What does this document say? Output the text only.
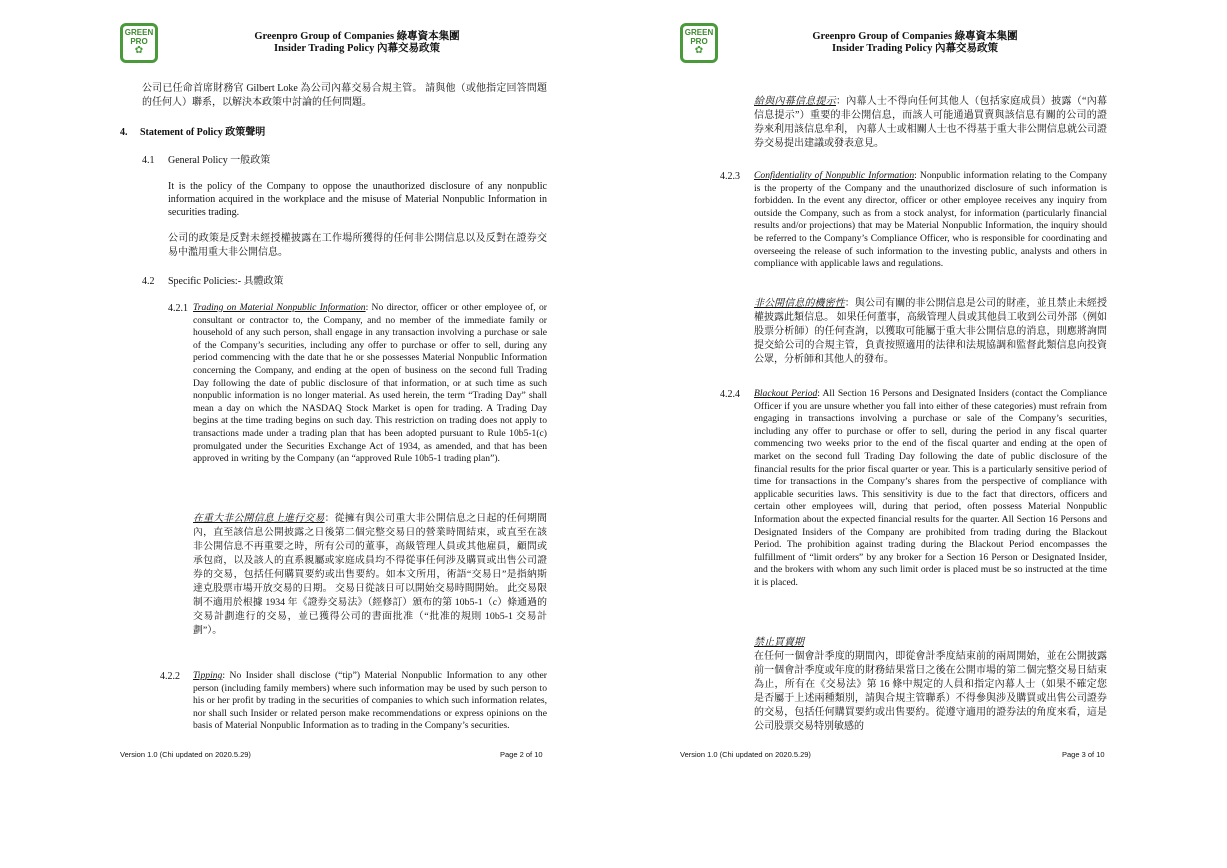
GREEN
PRO
✿
Greenpro Group of Companies 綠專資本集團
Insider Trading Policy 內幕交易政策
公司已任命首席財務官 Gilbert Loke 為公司內幕交易合規主管。 請與他（或他指定回答問題的任何人）聯系，以解決本政策中討論的任何問題。
4. Statement of Policy 政策聲明
4.1 General Policy 一般政策
It is the policy of the Company to oppose the unauthorized disclosure of any nonpublic information acquired in the workplace and the misuse of Material Nonpublic Information in securities trading.
公司的政策是反對未經授權披露在工作場所獲得的任何非公開信息以及反對在證券交易中濫用重大非公開信息。
4.2 Specific Policies:- 具體政策
4.2.1 Trading on Material Nonpublic Information: No director, officer or other employee of, or consultant or contractor to, the Company, and no member of the immediate family or household of any such person, shall engage in any transaction involving a purchase or sale of the Company’s securities, including any offer to purchase or offer to sell, during any period commencing with the date that he or she possesses Material Nonpublic Information concerning the Company, and ending at the open of business on the second full Trading Day following the date of public disclosure of that information, or at such time as such nonpublic information is no longer material. As used herein, the term “Trading Day” shall mean a day on which the NASDAQ Stock Market is open for trading. A Trading Day begins at the time trading begins on such day. This restriction on trading does not apply to transactions made under a trading plan that has been adopted pursuant to Rule 10b5-1(c) promulgated under the Securities Exchange Act of 1934, as amended, and that has been approved in writing by the Company (an “approved Rule 10b5-1 trading plan”).
在重大非公開信息上進行交易：從擁有與公司重大非公開信息之日起的任何期間內，直至該信息公開披露之日後第二個完整交易日的營業時間結束，或直至在該非公開信息不再重要之時，所有公司的董事，高級管理人員或其他雇員，顧問或承包商，以及該人的直系親屬或家庭成員均不得從事任何涉及購買或出售公司證券的交易，包括任何購買要約或出售要約。如本文所用，術語“交易日”是指納斯達克股票市場开放交易的日期。 交易日從該日可以開始交易時間開始。 此交易限制不適用於根據 1934 年《證券交易法》（經修訂）頒布的第 10b5-1（c）條通過的交易計劃進行的交易，並已獲得公司的書面批准（“批准的規則 10b5-1 交易計劃”）。
4.2.2 Tipping: No Insider shall disclose (“tip”) Material Nonpublic Information to any other person (including family members) where such information may be used by such person to his or her profit by trading in the securities of companies to which such information relates, nor shall such Insider or related person make recommendations or express opinions on the basis of Material Nonpublic Information as to trading in the Company’s securities.
Version 1.0 (Chi updated on 2020.5.29)	Page 2 of 10
GREEN
PRO
✿
Greenpro Group of Companies 綠專資本集團
Insider Trading Policy 內幕交易政策
給與內幕信息提示：內幕人士不得向任何其他人（包括家庭成員）披露（“內幕信息提示”）重要的非公開信息，而該人可能通過買賣與該信息有關的公司的證券來利用該信息牟利， 內幕人士或相關人士也不得基于重大非公開信息就公司證券交易提出建議或發表意見。
4.2.3 Confidentiality of Nonpublic Information: Nonpublic information relating to the Company is the property of the Company and the unauthorized disclosure of such information is forbidden. In the event any director, officer or other employee receives any inquiry from outside the Company, such as from a stock analyst, for information (particularly financial results and/or projections) that may be Material Nonpublic Information, the inquiry should be referred to the Company’s Compliance Officer, who is responsible for coordinating and overseeing the release of such information to the investing public, analysts and others in compliance with applicable laws and regulations.
非公開信息的機密性：與公司有關的非公開信息是公司的財產，並且禁止未經授權披露此類信息。 如果任何董事，高級管理人員或其他員工收到公司外部（例如股票分析師）的任何查詢，以獲取可能屬于重大非公開信息的消息，則應將詢問提交給公司的合規主管，負責按照適用的法律和法規協調和監督此類信息向投資公眾，分析師和其他人的發布。
4.2.4 Blackout Period: All Section 16 Persons and Designated Insiders (contact the Compliance Officer if you are unsure whether you fall into either of these categories) must refrain from engaging in transactions involving a purchase or sale of the Company’s securities, including any offer to purchase or offer to sell, during the period in any fiscal quarter commencing two weeks prior to the end of the fiscal quarter and ending at the open of market on the second full Trading Day following the date of public disclosure of the financial results for the prior fiscal quarter or year. This is a particularly sensitive period of time for transactions in the Company’s shares from the perspective of compliance with applicable securities laws. This sensitivity is due to the fact that directors, officers and certain other employees will, during that period, often possess Material Nonpublic Information about the expected financial results for the quarter. All Section 16 Persons and Designated Insiders of the Company are prohibited from trading during the Blackout Period. The prohibition against trading during the Blackout Period encompasses the fulfillment of “limit orders” by any broker for a Section 16 Person or Designated Insider, and the brokers with whom any such limit order is placed must be so instructed at the time it is placed.
禁止買賣期
在任何一個會計季度的期間內，即從會計季度結束前的兩周開始，並在公開披露前一個會計季度或年度的財務結果當日之後在公開市場的第二個完整交易日結束為止，所有在《交易法》第 16 條中規定的人員和指定內幕人士（如果不確定您是否屬于上述兩種類別，請與合規主管聯系）不得參與涉及購買或出售公司證券的交易，包括任何購買要約或出售要約。從遵守適用的證券法的角度來看，這是公司股票交易特別敏感的
Version 1.0 (Chi updated on 2020.5.29)	Page 3 of 10
